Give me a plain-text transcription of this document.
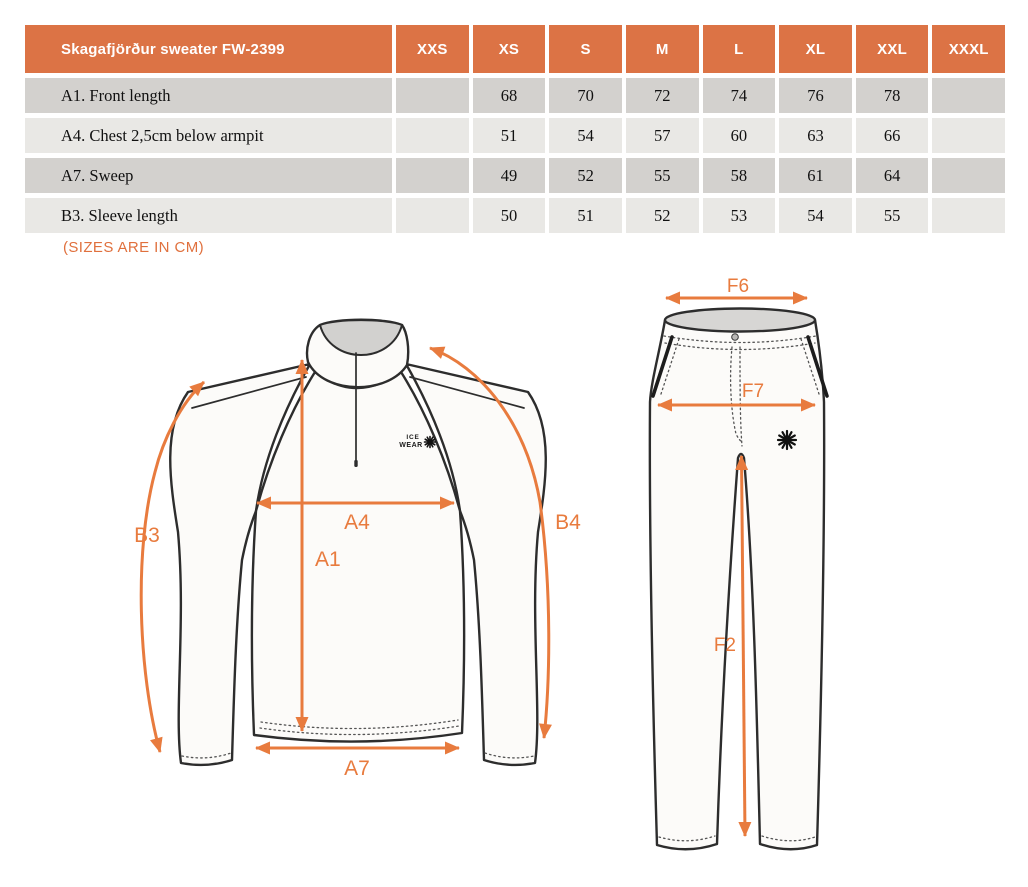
Skagafjörður sweater FW-2399	XXS	XS	S	M	L	XL	XXL	XXXL
A1. Front length		68	70	72	74	76	78	
A4. Chest 2,5cm below armpit		51	54	57	60	63	66	
A7. Sweep		49	52	55	58	61	64	
B3. Sleeve length		50	51	52	53	54	55	
(SIZES ARE IN CM)
ICE
WEAR
A4
A1
A7
B3
B4
F6
F7
F2
